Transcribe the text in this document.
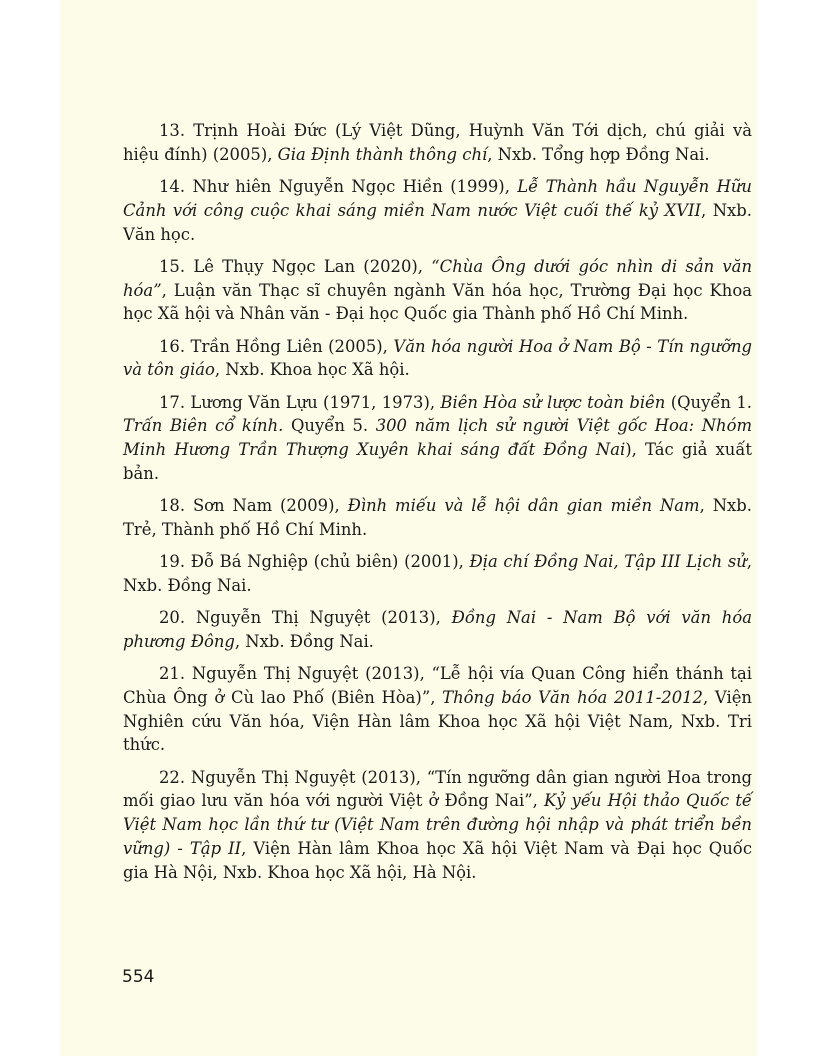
13. Trịnh Hoài Đức (Lý Việt Dũng, Huỳnh Văn Tới dịch, chú giải và hiệu đính) (2005), Gia Định thành thông chí, Nxb. Tổng hợp Đồng Nai.

14. Như hiên Nguyễn Ngọc Hiền (1999), Lễ Thành hầu Nguyễn Hữu Cảnh với công cuộc khai sáng miền Nam nước Việt cuối thế kỷ XVII, Nxb. Văn học.

15. Lê Thụy Ngọc Lan (2020), “Chùa Ông dưới góc nhìn di sản văn hóa”, Luận văn Thạc sĩ chuyên ngành Văn hóa học, Trường Đại học Khoa học Xã hội và Nhân văn - Đại học Quốc gia Thành phố Hồ Chí Minh.

16. Trần Hồng Liên (2005), Văn hóa người Hoa ở Nam Bộ - Tín ngưỡng và tôn giáo, Nxb. Khoa học Xã hội.

17. Lương Văn Lựu (1971, 1973), Biên Hòa sử lược toàn biên (Quyển 1. Trấn Biên cổ kính. Quyển 5. 300 năm lịch sử người Việt gốc Hoa: Nhóm Minh Hương Trần Thượng Xuyên khai sáng đất Đồng Nai), Tác giả xuất bản.

18. Sơn Nam (2009), Đình miếu và lễ hội dân gian miền Nam, Nxb. Trẻ, Thành phố Hồ Chí Minh.

19. Đỗ Bá Nghiệp (chủ biên) (2001), Địa chí Đồng Nai, Tập III Lịch sử, Nxb. Đồng Nai.

20. Nguyễn Thị Nguyệt (2013), Đồng Nai - Nam Bộ với văn hóa phương Đông, Nxb. Đồng Nai.

21. Nguyễn Thị Nguyệt (2013), “Lễ hội vía Quan Công hiển thánh tại Chùa Ông ở Cù lao Phố (Biên Hòa)”, Thông báo Văn hóa 2011-2012, Viện Nghiên cứu Văn hóa, Viện Hàn lâm Khoa học Xã hội Việt Nam, Nxb. Tri thức.

22. Nguyễn Thị Nguyệt (2013), “Tín ngưỡng dân gian người Hoa trong mối giao lưu văn hóa với người Việt ở Đồng Nai”, Kỷ yếu Hội thảo Quốc tế Việt Nam học lần thứ tư (Việt Nam trên đường hội nhập và phát triển bền vững) - Tập II, Viện Hàn lâm Khoa học Xã hội Việt Nam và Đại học Quốc gia Hà Nội, Nxb. Khoa học Xã hội, Hà Nội.

554
